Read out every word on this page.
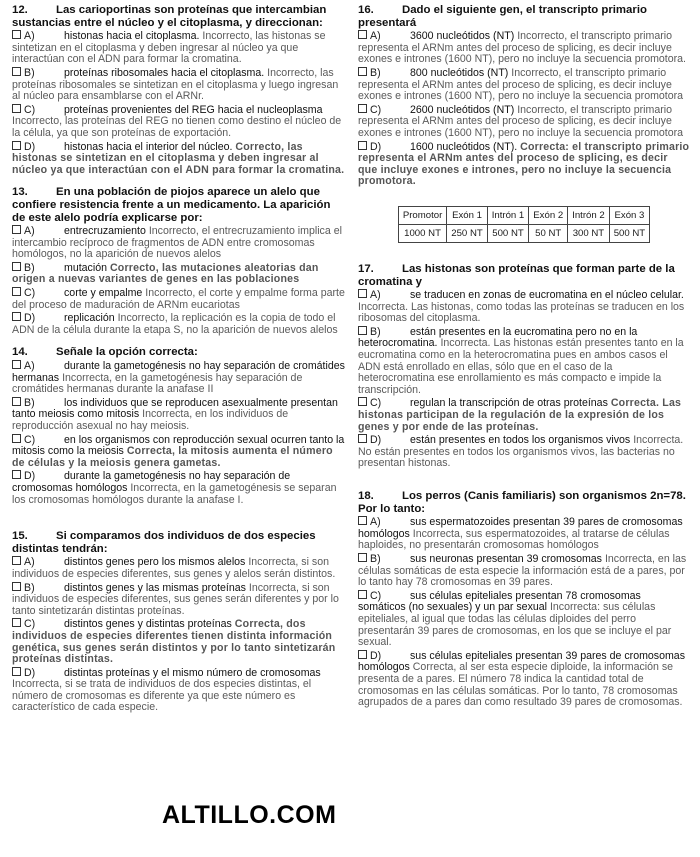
12. Las carioportinas son proteínas que intercambian sustancias entre el núcleo y el citoplasma, y direccionan:
A)	histonas hacia el citoplasma. Incorrecto, las histonas se sintetizan en el citoplasma y deben ingresar al núcleo ya que interactúan con el ADN para formar la cromatina.
B)	proteínas ribosomales hacia el citoplasma. Incorrecto, las proteínas ribosomales se sintetizan en el citoplasma y luego ingresan al núcleo para ensamblarse con el ARNr.
C)	proteínas provenientes del REG hacia el nucleoplasma Incorrecto, las proteínas del REG no tienen como destino el núcleo de la célula, ya que son proteínas de exportación.
D)	histonas hacia el interior del núcleo. Correcto, las histonas se sintetizan en el citoplasma y deben ingresar al núcleo ya que interactúan con el ADN para formar la cromatina.
13. En una población de piojos aparece un alelo que confiere resistencia frente a un medicamento. La aparición de este alelo podría explicarse por:
A)	entrecruzamiento Incorrecto, el entrecruzamiento implica el intercambio recíproco de fragmentos de ADN entre cromosomas homólogos, no la aparición de nuevos alelos
B)	mutación Correcto, las mutaciones aleatorias dan origen a nuevas variantes de genes en las poblaciones
C)	corte y empalme Incorrecto, el corte y empalme forma parte del proceso de maduración de ARNm eucariotas
D)	replicación Incorrecto, la replicación es la copia de todo el ADN de la célula durante la etapa S, no la aparición de nuevos alelos
14. Señale la opción correcta:
A)	durante la gametogénesis no hay separación de cromátides hermanas Incorrecta, en la gametogénesis hay separación de cromátides hermanas durante la anafase II
B)	los individuos que se reproducen asexualmente presentan tanto meiosis como mitosis Incorrecta, en los individuos de reproducción asexual no hay meiosis.
C)	en los organismos con reproducción sexual ocurren tanto la mitosis como la meiosis Correcta, la mitosis aumenta el número de células y la meiosis genera gametas.
D)	durante la gametogénesis no hay separación de cromosomas homólogos Incorrecta, en la gametogénesis se separan los cromosomas homólogos durante la anafase I.
15. Si comparamos dos individuos de dos especies distintas tendrán:
A)	distintos genes pero los mismos alelos Incorrecta, si son individuos de especies diferentes, sus genes y alelos serán distintos.
B)	distintos genes y las mismas proteínas Incorrecta, si son individuos de especies diferentes, sus genes serán diferentes y por lo tanto sintetizarán distintas proteínas.
C)	distintos genes y distintas proteínas Correcta, dos individuos de especies diferentes tienen distinta información genética, sus genes serán distintos y por lo tanto sintetizarán proteínas distintas.
D)	distintas proteínas y el mismo número de cromosomas Incorrecta, si se trata de individuos de dos especies distintas, el número de cromosomas es diferente ya que este número es característico de cada especie.
16. Dado el siguiente gen, el transcripto primario presentará
A)	3600 nucleótidos (NT) Incorrecto, el transcripto primario representa el ARNm antes del proceso de splicing, es decir incluye exones e intrones (1600 NT), pero no incluye la secuencia promotora.
B)	800 nucleótidos (NT) Incorrecto, el transcripto primario representa el ARNm antes del proceso de splicing, es decir incluye exones e intrones (1600 NT), pero no incluye la secuencia promotora
C)	2600 nucleótidos (NT) Incorrecto, el transcripto primario representa el ARNm antes del proceso de splicing, es decir incluye exones e intrones (1600 NT), pero no incluye la secuencia promotora
D)	1600 nucleótidos (NT). Correcta: el transcripto primario representa el ARNm antes del proceso de splicing, es decir que incluye exones e intrones, pero no incluye la secuencia promotora.
Promotor	Exón 1	Intrón 1	Exón 2	Intrón 2	Exón 3
1000 NT	250 NT	500 NT	50 NT	300 NT	500 NT
17. Las histonas son proteínas que forman parte de la cromatina y
A)	se traducen en zonas de eucromatina en el núcleo celular. Incorrecta. Las histonas, como todas las proteínas se traducen en los ribosomas del citoplasma.
B)	están presentes en la eucromatina pero no en la heterocromatina. Incorrecta. Las histonas están presentes tanto en la eucromatina como en la heterocromatina pues en ambos casos el ADN está enrollado en ellas, sólo que en el caso de la heterocromatina ese enrollamiento es más compacto e impide la transcripción.
C)	regulan la transcripción de otras proteínas Correcta. Las histonas participan de la regulación de la expresión de los genes y por ende de las proteínas.
D)	están presentes en todos los organismos vivos Incorrecta. No están presentes en todos los organismos vivos, las bacterias no presentan histonas.
18. Los perros (Canis familiaris) son organismos 2n=78. Por lo tanto:
A)	sus espermatozoides presentan 39 pares de cromosomas homólogos Incorrecta, sus espermatozoides, al tratarse de células haploides, no presentarán cromosomas homólogos
B)	sus neuronas presentan 39 cromosomas Incorrecta, en las células somáticas de esta especie la información está de a pares, por lo tanto hay 78 cromosomas en 39 pares.
C)	sus células epiteliales presentan 78 cromosomas somáticos (no sexuales) y un par sexual Incorrecta: sus células epiteliales, al igual que todas las células diploides del perro presentarán 39 pares de cromosomas, en los que se incluye el par sexual.
D)	sus células epiteliales presentan 39 pares de cromosomas homólogos Correcta, al ser esta especie diploide, la información se presenta de a pares. El número 78 indica la cantidad total de cromosomas en las células somáticas. Por lo tanto, 78 cromosomas agrupados de a pares dan como resultado 39 pares de cromosomas.
ALTILLO.COM
